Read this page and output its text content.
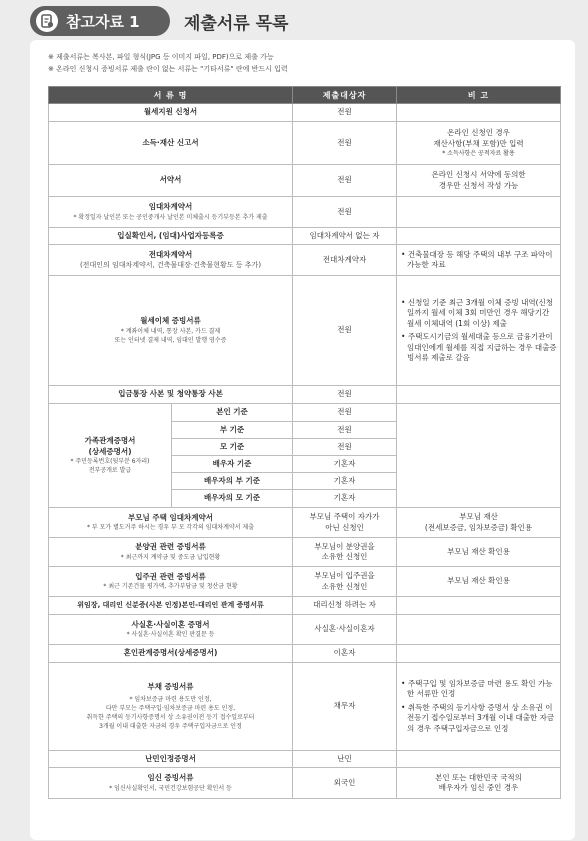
참고자료 1	제출서류 목록
※ 제출서류는 복사본, 파일 형식(JPG 등 이미지 파일, PDF)으로 제출 가능
※ 온라인 신청시 증빙서류 제출 란이 없는 서류는 "기타서류" 란에 반드시 입력
서 류 명		제출대상자	비 고
월세지원 신청서		전원	
소득·재산 신고서		전원	온라인 신청인 경우
재산사항(부채 포함)만 입력
* 소득사항은 공적자료 활용

서약서		전원	온라인 신청시 서약에 동의한
경우만 신청서 작성 가능

임대차계약서
* 확정일자 날인본 또는 공인중개사 날인본 미체출시 등기부등본 추가 제출		전원	
입실확인서, (임대)사업자등록증		임대차계약서 없는 자	
전대차계약서
(전대인의 임대차계약서, 건축물대장·건축물현황도 등 추가)		전대차계약자	• 건축물대장 등 해당 주택의 내부 구조 파악이 가능한 자료

월세이체 증빙서류
* 계좌이체 내역, 통장 사본, 카드 결제
또는 인터넷 결제 내역, 임대인 발행 영수증		전원	• 신청일 기준 최근 3개월 이체 증빙 내역(신청일까지 월세 이체 3회 미만인 경우 해당기간 월세 이체내역 (1회 이상) 제출
• 주택도시기금의 월세대출 등으로 금융기관이 임대인에게 월세를 직접 지급하는 경우 대출증빙서류 제출로 갈음

입금통장 사본 및 청약통장 사본		전원	

가족관계증명서
(상세증명서)
* 주민등록번호(뒷부분 6자리)
전부공개로 발급	본인 기준	전원	
	부 기준	전원	
	모 기준	전원	
	배우자 기준	기혼자	
	배우자의 부 기준	기혼자	
	배우자의 모 기준	기혼자	
부모님 주택 임대차계약서
* 부 모가 별도거주 하시는 경우 부 모 각각의 임대차계약서 제출		부모님 주택이 자가가
아닌 신청인	부모님 재산
(전세보증금, 임차보증금) 확인용

분양권 관련 증빙서류
* 최근까지 계약금 및 중도금 납입현황		부모님이 분양권을
소유한 신청인	부모님 재산 확인용
입주권 관련 증빙서류
* 최근 기존건물 평가액, 추가부담금 및 청산금 현황		부모님이 입주권을
소유한 신청인	부모님 재산 확인용
위임장, 대리인 신분증(사본 인정)본인-대리인 관계 증명서류		대리신청 하려는 자	
사실혼·사실이혼 증명서
* 사실혼·사실이혼 확인 판결문 등		사실혼·사실이혼자	
혼인관계증명서(상세증명서)		이혼자	
부채 증빙서류
* 임차보증금 마련 용도만 인정,
다만 부모는 주택구입·임차보증금 마련 용도 인정,
취득한 주택의 등기사항증명서 상 소유권이전 등기 접수일로부터
3개월 이내 대출한 자금의 경우 주택구입자금으로 인정		채무자	• 주택구입 및 임차보증금 마련 용도 확인 가능한 서류만 인정
• 취득한 주택의 등기사항 증명서 상 소유권 이전등기 접수일로부터 3개월 이내 대출한 자금의 경우 주택구입자금으로 인정

난민인정증명서		난민	
임신 증빙서류
* 임신사실확인서, 국민건강보험공단 확인서 등		외국인	본인 또는 대한민국 국적의
배우자가 임신 중인 경우
